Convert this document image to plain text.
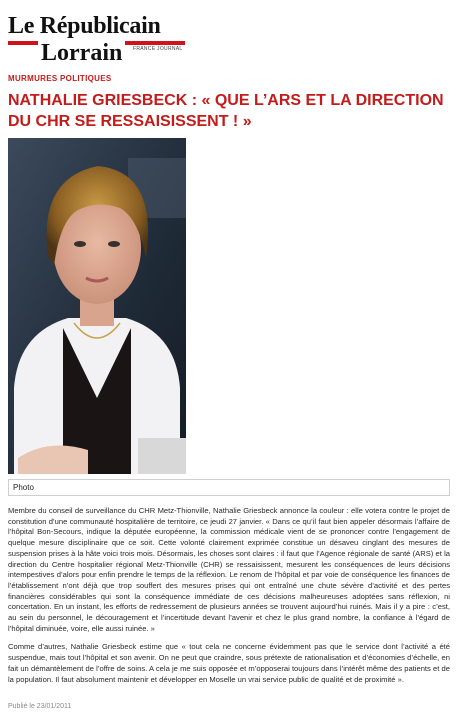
Le Républicain
Lorrain	FRANCE JOURNAL
MURMURES POLITIQUES
NATHALIE GRIESBECK : « QUE L’ARS ET LA DIRECTION DU CHR SE RESSAISISSENT ! »
Photo

Membre du conseil de surveillance du CHR Metz-Thionville, Nathalie Griesbeck annonce la couleur : elle votera contre le projet de constitution d’une communauté hospitalière de territoire, ce jeudi 27 janvier. « Dans ce qu’il faut bien appeler désormais l’affaire de l’hôpital Bon-Secours, indique la députée européenne, la commission médicale vient de se prononcer contre l’engagement de quelque mesure disciplinaire que ce soit. Cette volonté clairement exprimée constitue un désaveu cinglant des mesures de suspension prises à la hâte voici trois mois. Désormais, les choses sont claires : il faut que l’Agence régionale de santé (ARS) et la direction du Centre hospitalier régional Metz-Thionville (CHR) se ressaisissent, mesurent les conséquences de leurs décisions intempestives d’alors pour enfin prendre le temps de la réflexion. Le renom de l’hôpital et par voie de conséquence les finances de l’établissement n’ont déjà que trop souffert des mesures prises qui ont entraîné une chute sévère d’activité et des pertes financières considérables qui sont la conséquence immédiate de ces décisions malheureuses adoptées sans réflexion, ni concertation. En un instant, les efforts de redressement de plusieurs années se trouvent aujourd’hui ruinés. Mais il y a pire : c’est, au sein du personnel, le découragement et l’incertitude devant l’avenir et chez le plus grand nombre, la confiance à l’égard de l’hôpital diminuée, voire, elle aussi ruinée. »

Comme d’autres, Nathalie Griesbeck estime que « tout cela ne concerne évidemment pas que le service dont l’activité a été suspendue, mais tout l’hôpital et son avenir. On ne peut que craindre, sous prétexte de rationalisation et d’économies d’échelle, en fait un démantèlement de l’offre de soins. A cela je me suis opposée et m’opposerai toujours dans l’intérêt même des patients et de la population. Il faut absolument maintenir et développer en Moselle un vrai service public de qualité et de proximité ».

Publié le 23/01/2011
